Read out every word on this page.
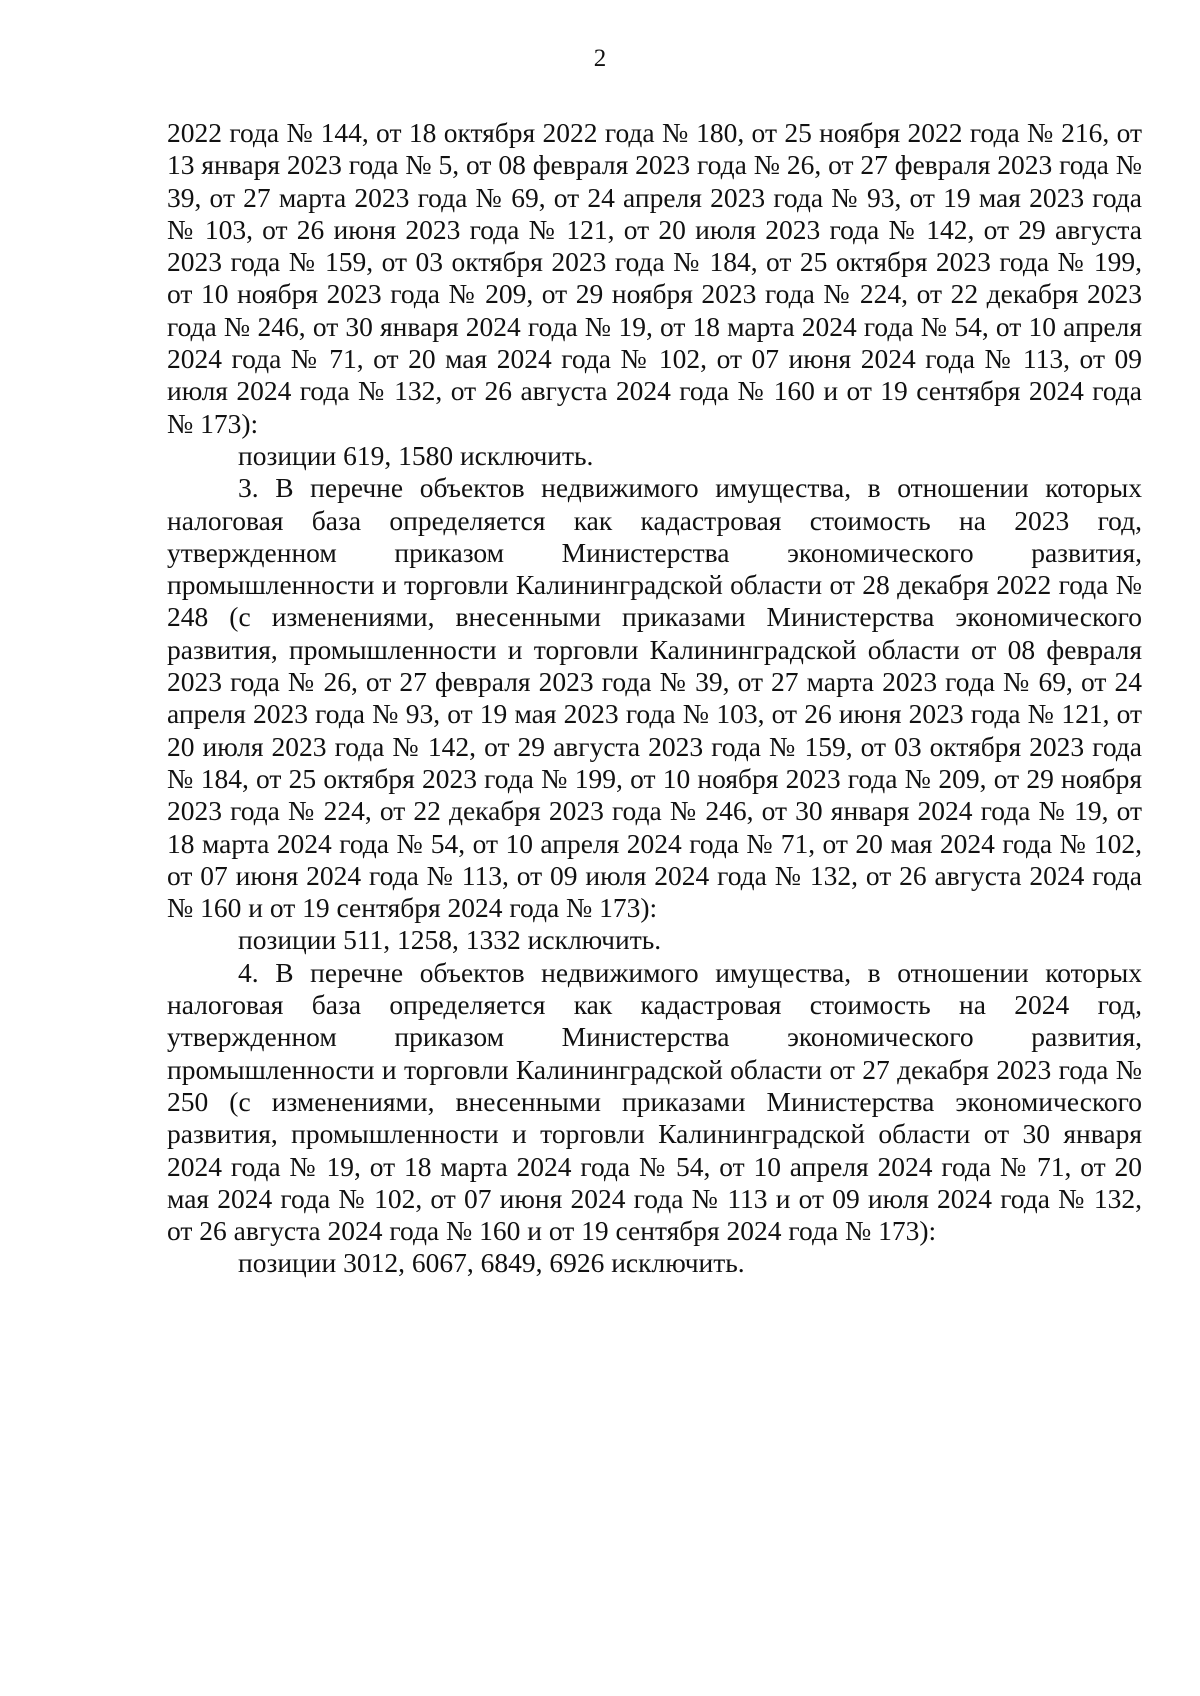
2

2022 года № 144, от 18 октября 2022 года № 180, от 25 ноября 2022 года № 216, от 13 января 2023 года № 5, от 08 февраля 2023 года № 26, от 27 февраля 2023 года № 39, от 27 марта 2023 года № 69, от 24 апреля 2023 года № 93, от 19 мая 2023 года № 103, от 26 июня 2023 года № 121, от 20 июля 2023 года № 142, от 29 августа 2023 года № 159, от 03 октября 2023 года № 184, от 25 октября 2023 года № 199, от 10 ноября 2023 года № 209, от 29 ноября 2023 года № 224, от 22 декабря 2023 года № 246, от 30 января 2024 года № 19, от 18 марта 2024 года № 54, от 10 апреля 2024 года № 71, от 20 мая 2024 года № 102, от 07 июня 2024 года № 113, от 09 июля 2024 года № 132, от 26 августа 2024 года № 160 и от 19 сентября 2024 года № 173):

позиции 619, 1580 исключить.

3. В перечне объектов недвижимого имущества, в отношении которых налоговая база определяется как кадастровая стоимость на 2023 год, утвержденном приказом Министерства экономического развития, промышленности и торговли Калининградской области от 28 декабря 2022 года № 248 (с изменениями, внесенными приказами Министерства экономического развития, промышленности и торговли Калининградской области от 08 февраля 2023 года № 26, от 27 февраля 2023 года № 39, от 27 марта 2023 года № 69, от 24 апреля 2023 года № 93, от 19 мая 2023 года № 103, от 26 июня 2023 года № 121, от 20 июля 2023 года № 142, от 29 августа 2023 года № 159, от 03 октября 2023 года № 184, от 25 октября 2023 года № 199, от 10 ноября 2023 года № 209, от 29 ноября 2023 года № 224, от 22 декабря 2023 года № 246, от 30 января 2024 года № 19, от 18 марта 2024 года № 54, от 10 апреля 2024 года № 71, от 20 мая 2024 года № 102, от 07 июня 2024 года № 113, от 09 июля 2024 года № 132, от 26 августа 2024 года № 160 и от 19 сентября 2024 года № 173):

позиции 511, 1258, 1332 исключить.

4. В перечне объектов недвижимого имущества, в отношении которых налоговая база определяется как кадастровая стоимость на 2024 год, утвержденном приказом Министерства экономического развития, промышленности и торговли Калининградской области от 27 декабря 2023 года № 250 (с изменениями, внесенными приказами Министерства экономического развития, промышленности и торговли Калининградской области от 30 января 2024 года № 19, от 18 марта 2024 года № 54, от 10 апреля 2024 года № 71, от 20 мая 2024 года № 102, от 07 июня 2024 года № 113 и от 09 июля 2024 года № 132, от 26 августа 2024 года № 160 и от 19 сентября 2024 года № 173):

позиции 3012, 6067, 6849, 6926 исключить.
